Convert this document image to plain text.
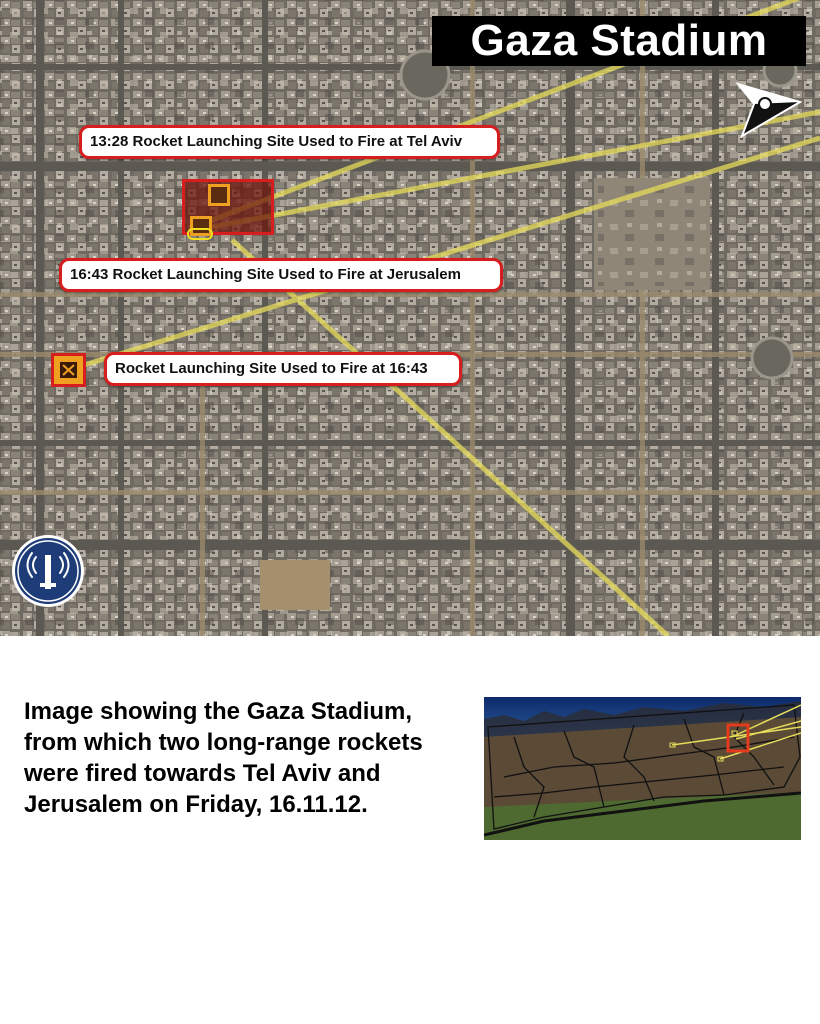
Gaza Stadium
13:28 Rocket Launching Site Used to Fire at Tel Aviv
16:43 Rocket Launching Site Used to Fire at Jerusalem
Rocket Launching Site Used to Fire at 16:43
Image showing the Gaza Stadium, from which two long-range rockets were fired towards Tel Aviv and Jerusalem on Friday, 16.11.12.
